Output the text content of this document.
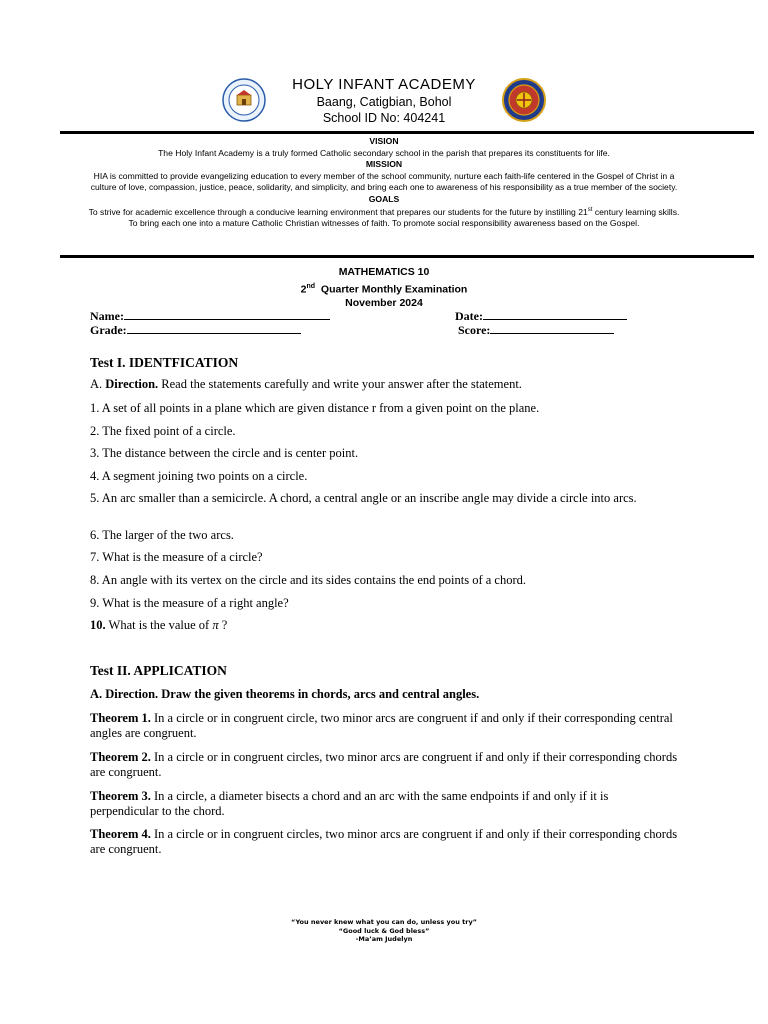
HOLY INFANT ACADEMY
Baang, Catigbian, Bohol
School ID No: 404241
VISION
The Holy Infant Academy is a truly formed Catholic secondary school in the parish that prepares its constituents for life.
MISSION
HIA is committed to provide evangelizing education to every member of the school community, nurture each faith-life centered in the Gospel of Christ in a culture of love, compassion, justice, peace, solidarity, and simplicity, and bring each one to awareness of his responsibility as a true member of the society.
GOALS
To strive for academic excellence through a conducive learning environment that prepares our students for the future by instilling 21st century learning skills. To bring each one into a mature Catholic Christian witnesses of faith. To promote social responsibility awareness based on the Gospel.
MATHEMATICS 10
2nd  Quarter Monthly Examination
November 2024
Name:	Date:
Grade:	Score:
Test I. IDENTFICATION
A. Direction. Read the statements carefully and write your answer after the statement.
1. A set of all points in a plane which are given distance r from a given point on the plane.
2. The fixed point of a circle.
3. The distance between the circle and is center point.
4. A segment joining two points on a circle.
5. An arc smaller than a semicircle. A chord, a central angle or an inscribe angle may divide a circle into arcs.
6. The larger of the two arcs.
7. What is the measure of a circle?
8. An angle with its vertex on the circle and its sides contains the end points of a chord.
9. What is the measure of a right angle?
10. What is the value of π ?
Test II. APPLICATION
A. Direction. Draw the given theorems in chords, arcs and central angles.
Theorem 1. In a circle or in congruent circle, two minor arcs are congruent if and only if their corresponding central angles are congruent.
Theorem 2. In a circle or in congruent circles, two minor arcs are congruent if and only if their corresponding chords are congruent.
Theorem 3. In a circle, a diameter bisects a chord and an arc with the same endpoints if and only if it is perpendicular to the chord.
Theorem 4. In a circle or in congruent circles, two minor arcs are congruent if and only if their corresponding chords are congruent.
“You never knew what you can do, unless you try”
“Good luck & God bless”
-Ma’am Judelyn
